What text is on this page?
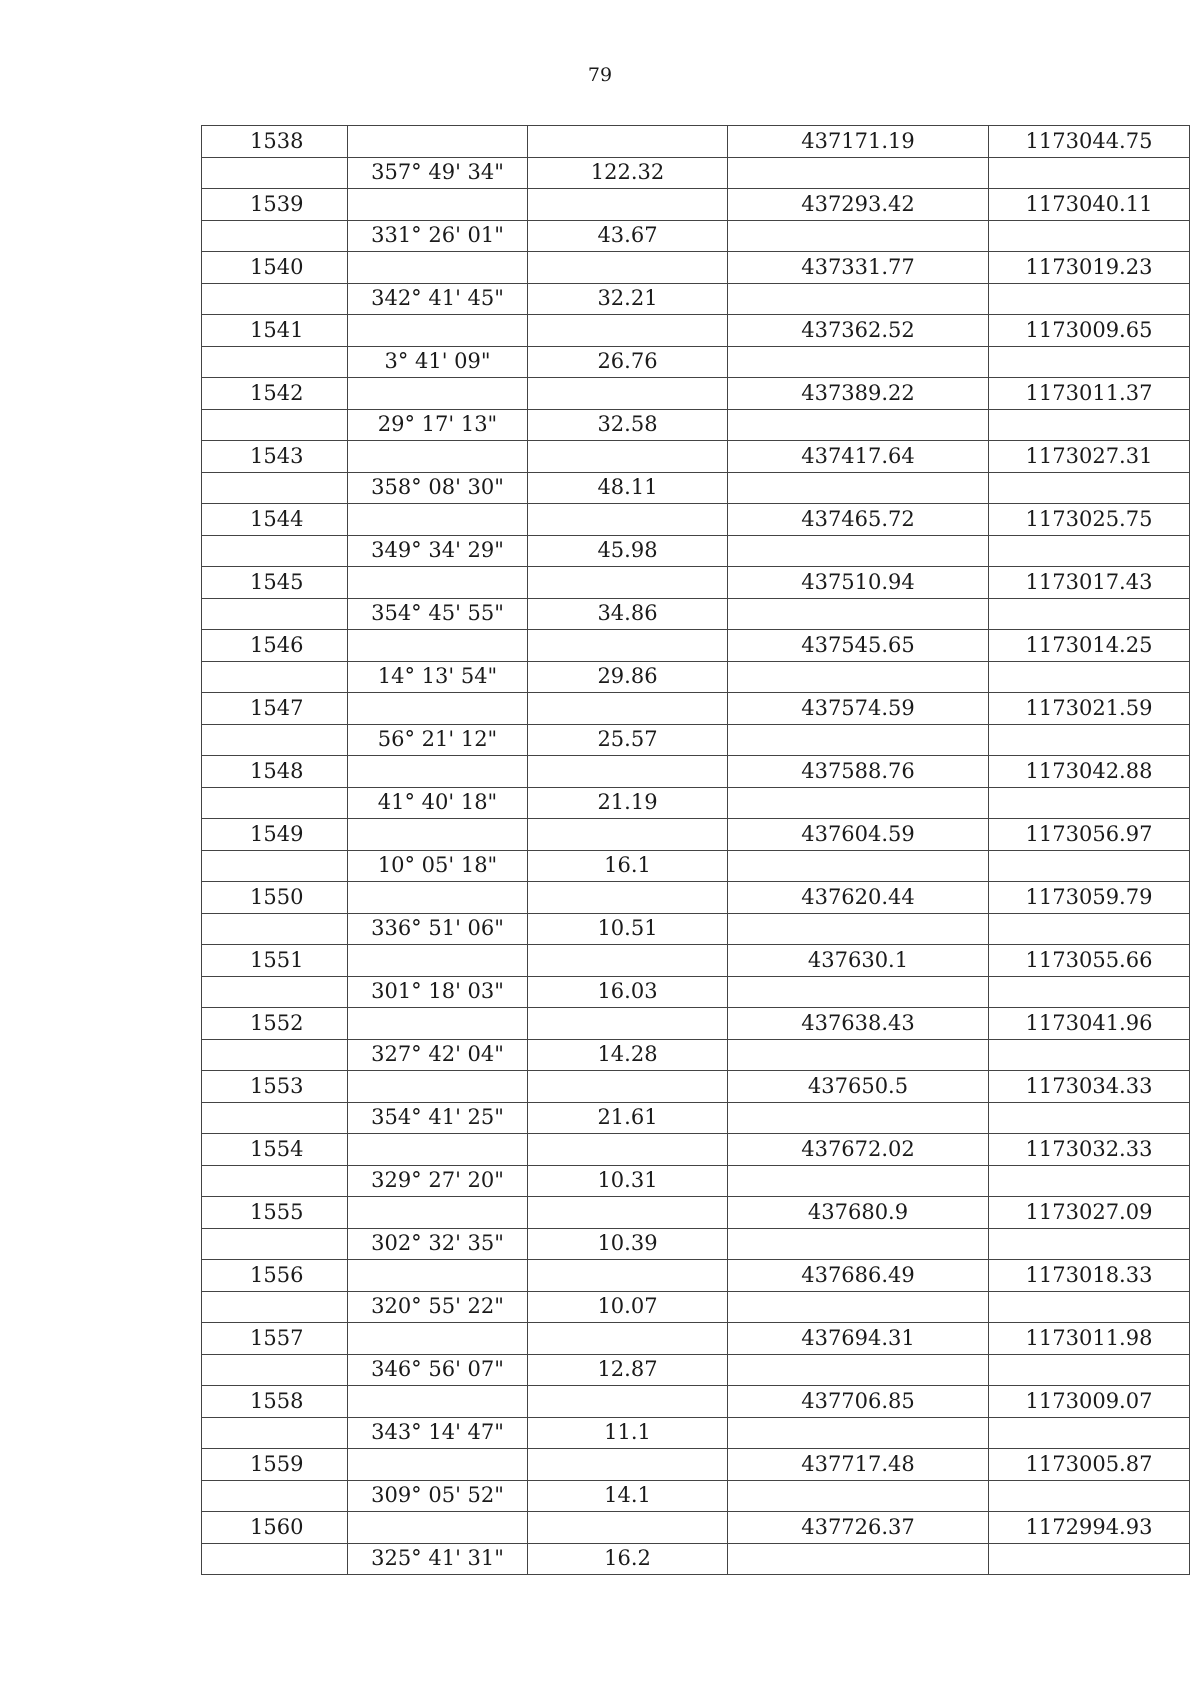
79
1538			437171.19	1173044.75
	357° 49' 34"	122.32		
1539			437293.42	1173040.11
	331° 26' 01"	43.67		
1540			437331.77	1173019.23
	342° 41' 45"	32.21		
1541			437362.52	1173009.65
	3° 41' 09"	26.76		
1542			437389.22	1173011.37
	29° 17' 13"	32.58		
1543			437417.64	1173027.31
	358° 08' 30"	48.11		
1544			437465.72	1173025.75
	349° 34' 29"	45.98		
1545			437510.94	1173017.43
	354° 45' 55"	34.86		
1546			437545.65	1173014.25
	14° 13' 54"	29.86		
1547			437574.59	1173021.59
	56° 21' 12"	25.57		
1548			437588.76	1173042.88
	41° 40' 18"	21.19		
1549			437604.59	1173056.97
	10° 05' 18"	16.1		
1550			437620.44	1173059.79
	336° 51' 06"	10.51		
1551			437630.1	1173055.66
	301° 18' 03"	16.03		
1552			437638.43	1173041.96
	327° 42' 04"	14.28		
1553			437650.5	1173034.33
	354° 41' 25"	21.61		
1554			437672.02	1173032.33
	329° 27' 20"	10.31		
1555			437680.9	1173027.09
	302° 32' 35"	10.39		
1556			437686.49	1173018.33
	320° 55' 22"	10.07		
1557			437694.31	1173011.98
	346° 56' 07"	12.87		
1558			437706.85	1173009.07
	343° 14' 47"	11.1		
1559			437717.48	1173005.87
	309° 05' 52"	14.1		
1560			437726.37	1172994.93
	325° 41' 31"	16.2		
